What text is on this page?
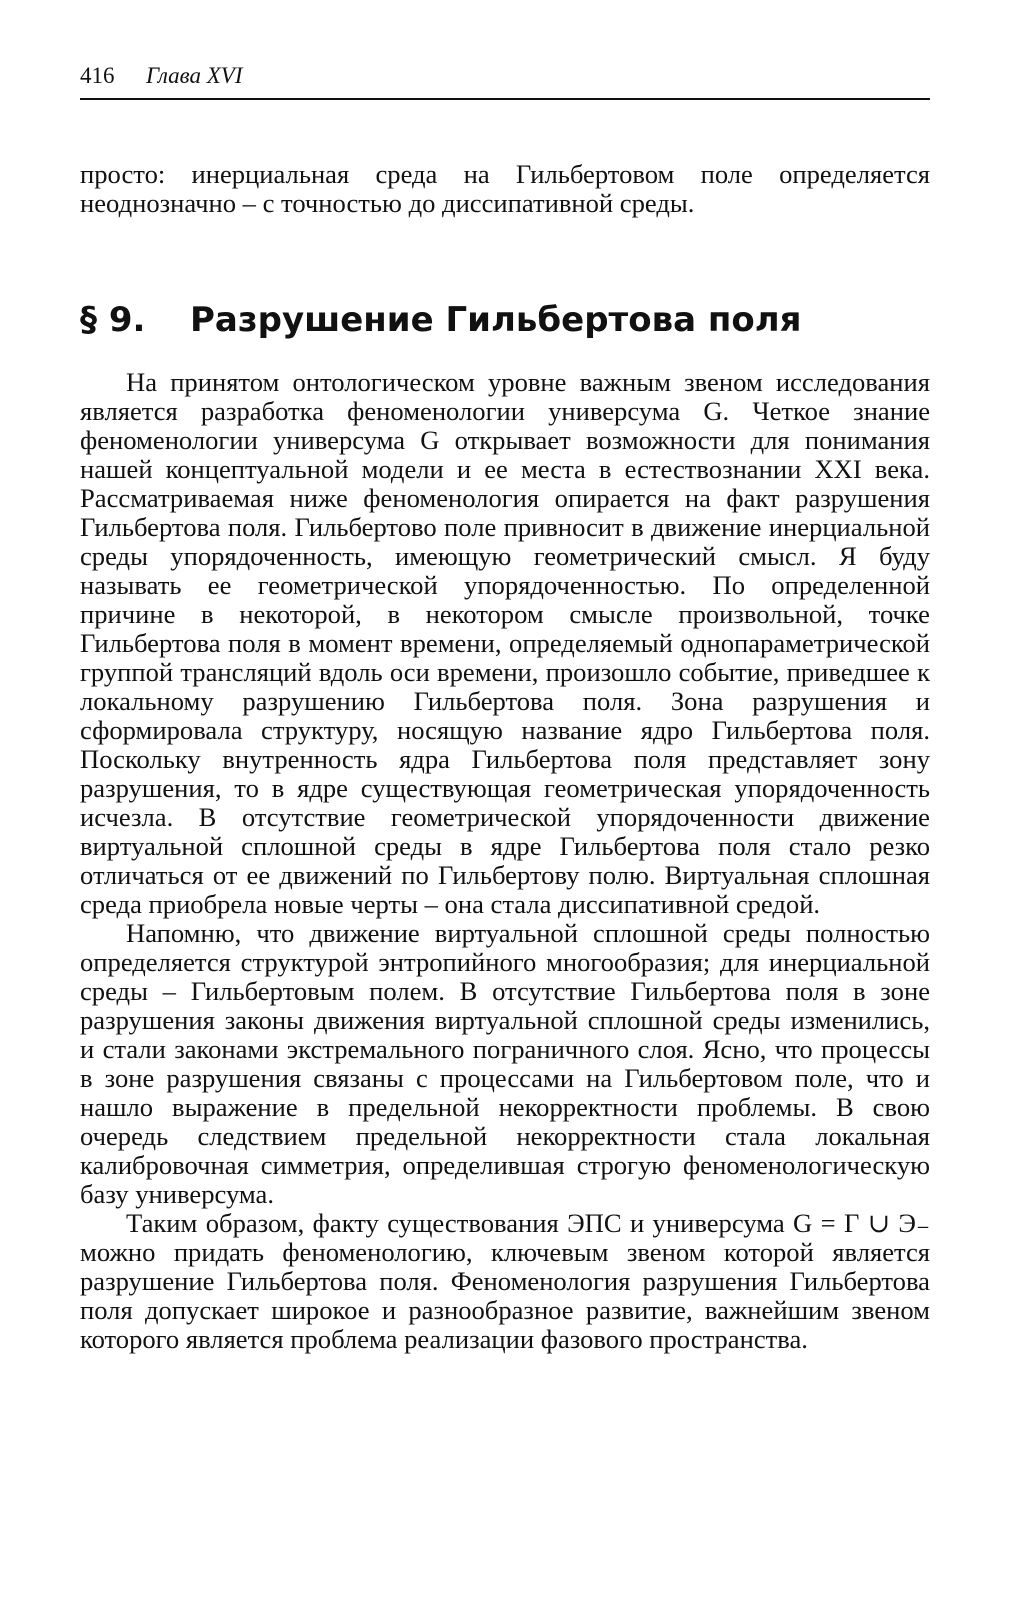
416 Глава XVI

просто: инерциальная среда на Гильбертовом поле определяется неоднозначно – с точностью до диссипативной среды.

§ 9. Разрушение Гильбертова поля

На принятом онтологическом уровне важным звеном исследования является разработка феноменологии универсума G. Четкое знание феноменологии универсума G открывает возможности для понимания нашей концептуальной модели и ее места в естествознании XXI века. Рассматриваемая ниже феноменология опирается на факт разрушения Гильбертова поля. Гильбертово поле привносит в движение инерциальной среды упорядоченность, имеющую геометрический смысл. Я буду называть ее геометрической упорядоченностью. По определенной причине в некоторой, в некотором смысле произвольной, точке Гильбертова поля в момент времени, определяемый однопараметрической группой трансляций вдоль оси времени, произошло событие, приведшее к локальному разрушению Гильбертова поля. Зона разрушения и сформировала структуру, носящую название ядро Гильбертова поля. Поскольку внутренность ядра Гильбертова поля представляет зону разрушения, то в ядре существующая геометрическая упорядоченность исчезла. В отсутствие геометрической упорядоченности движение виртуальной сплошной среды в ядре Гильбертова поля стало резко отличаться от ее движений по Гильбертову полю. Виртуальная сплошная среда приобрела новые черты – она стала диссипативной средой.

Напомню, что движение виртуальной сплошной среды полностью определяется структурой энтропийного многообразия; для инерциальной среды – Гильбертовым полем. В отсутствие Гильбертова поля в зоне разрушения законы движения виртуальной сплошной среды изменились, и стали законами экстремального пограничного слоя. Ясно, что процессы в зоне разрушения связаны с процессами на Гильбертовом поле, что и нашло выражение в предельной некорректности проблемы. В свою очередь следствием предельной некорректности стала локальная калибровочная симметрия, определившая строгую феноменологическую базу универсума.

Таким образом, факту существования ЭПС и универсума G = Г ∪ Э₋ можно придать феноменологию, ключевым звеном которой является разрушение Гильбертова поля. Феноменология разрушения Гильбертова поля допускает широкое и разнообразное развитие, важнейшим звеном которого является проблема реализации фазового пространства.
